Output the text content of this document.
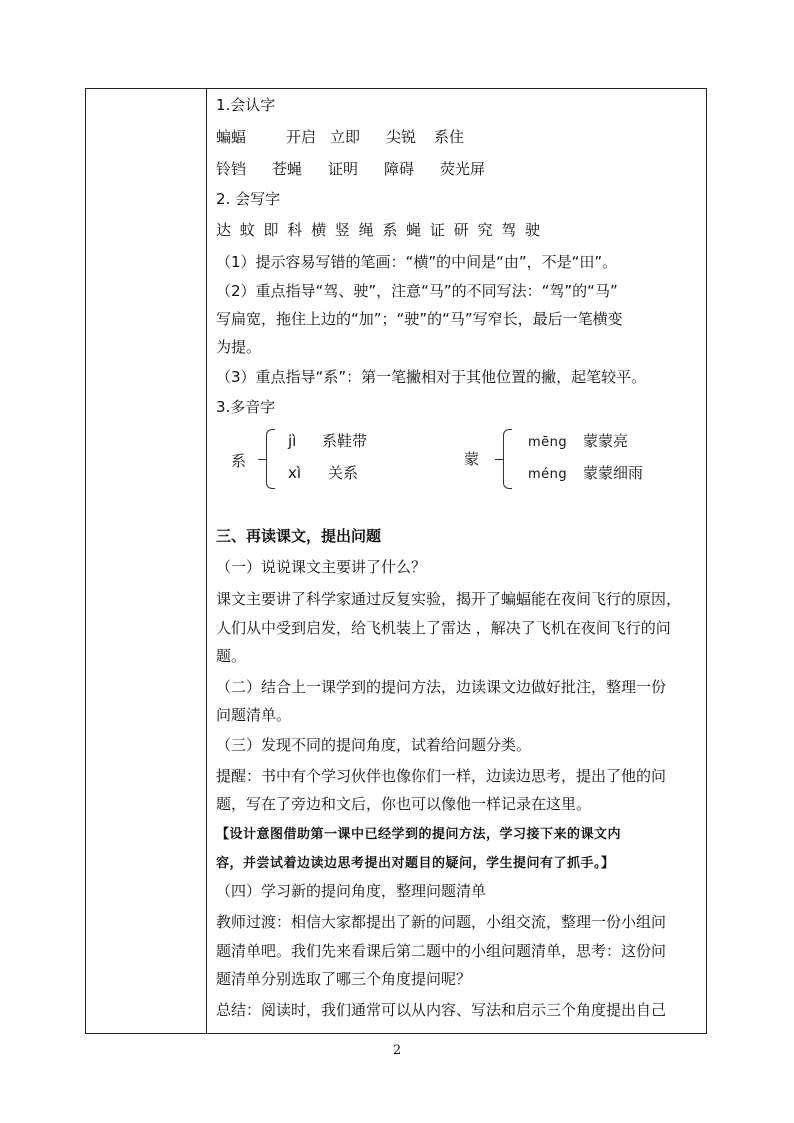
1.会认字
蝙蝠	开启 立即 尖锐 系住
铃铛 苍蝇 证明 障碍 荧光屏
2. 会写字
达 蚊 即 科 横 竖 绳 系 蝇 证 研 究 驾 驶
（1）提示容易写错的笔画：“横”的中间是“由”，不是“田”。
（2）重点指导“驾、驶”，注意“马”的不同写法：“驾”的“马”
写扁宽，拖住上边的“加”；“驶”的“马”写窄长，最后一笔横变
为提。
（3）重点指导“系”：第一笔撇相对于其他位置的撇，起笔较平。
3.多音字
系
jì 系鞋带
xì 关系
蒙
mēng 蒙蒙亮
méng 蒙蒙细雨
三、再读课文，提出问题
（一）说说课文主要讲了什么？
课文主要讲了科学家通过反复实验，揭开了蝙蝠能在夜间飞行的原因，
人们从中受到启发，给飞机装上了雷达 ，解决了飞机在夜间飞行的问
题。
（二）结合上一课学到的提问方法，边读课文边做好批注，整理一份
问题清单。
（三）发现不同的提问角度，试着给问题分类。
提醒：书中有个学习伙伴也像你们一样，边读边思考，提出了他的问
题，写在了旁边和文后，你也可以像他一样记录在这里。
【设计意图借助第一课中已经学到的提问方法，学习接下来的课文内
容，并尝试着边读边思考提出对题目的疑问，学生提问有了抓手。】
（四）学习新的提问角度，整理问题清单
教师过渡：相信大家都提出了新的问题，小组交流，整理一份小组问
题清单吧。我们先来看课后第二题中的小组问题清单，思考：这份问
题清单分别选取了哪三个角度提问呢？
总结：阅读时，我们通常可以从内容、写法和启示三个角度提出自己
2
